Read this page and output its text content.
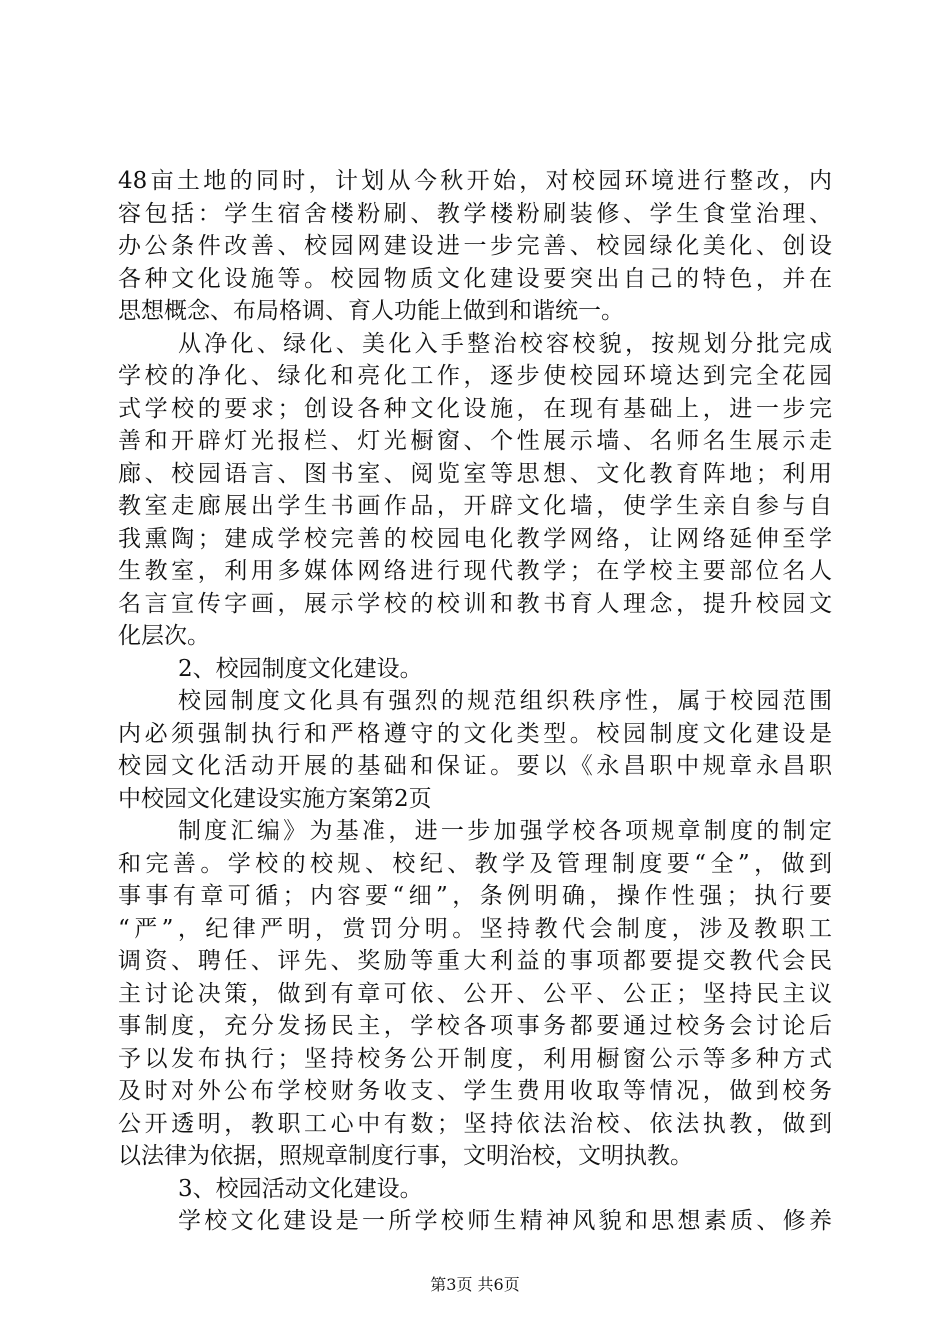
48亩土地的同时，计划从今秋开始，对校园环境进行整改，内
容包括：学生宿舍楼粉刷、教学楼粉刷装修、学生食堂治理、
办公条件改善、校园网建设进一步完善、校园绿化美化、创设
各种文化设施等。校园物质文化建设要突出自己的特色，并在
思想概念、布局格调、育人功能上做到和谐统一。
从净化、绿化、美化入手整治校容校貌，按规划分批完成
学校的净化、绿化和亮化工作，逐步使校园环境达到完全花园
式学校的要求；创设各种文化设施，在现有基础上，进一步完
善和开辟灯光报栏、灯光橱窗、个性展示墙、名师名生展示走
廊、校园语言、图书室、阅览室等思想、文化教育阵地；利用
教室走廊展出学生书画作品，开辟文化墙，使学生亲自参与自
我熏陶；建成学校完善的校园电化教学网络，让网络延伸至学
生教室，利用多媒体网络进行现代教学；在学校主要部位名人
名言宣传字画，展示学校的校训和教书育人理念，提升校园文
化层次。
2、校园制度文化建设。
校园制度文化具有强烈的规范组织秩序性，属于校园范围
内必须强制执行和严格遵守的文化类型。校园制度文化建设是
校园文化活动开展的基础和保证。要以《永昌职中规章永昌职
中校园文化建设实施方案第2页
制度汇编》为基准，进一步加强学校各项规章制度的制定
和完善。学校的校规、校纪、教学及管理制度要“全”，做到
事事有章可循；内容要“细”，条例明确，操作性强；执行要
“严”，纪律严明，赏罚分明。坚持教代会制度，涉及教职工
调资、聘任、评先、奖励等重大利益的事项都要提交教代会民
主讨论决策，做到有章可依、公开、公平、公正；坚持民主议
事制度，充分发扬民主，学校各项事务都要通过校务会讨论后
予以发布执行；坚持校务公开制度，利用橱窗公示等多种方式
及时对外公布学校财务收支、学生费用收取等情况，做到校务
公开透明，教职工心中有数；坚持依法治校、依法执教，做到
以法律为依据，照规章制度行事，文明治校，文明执教。
3、校园活动文化建设。
学校文化建设是一所学校师生精神风貌和思想素质、修养
第3页 共6页
